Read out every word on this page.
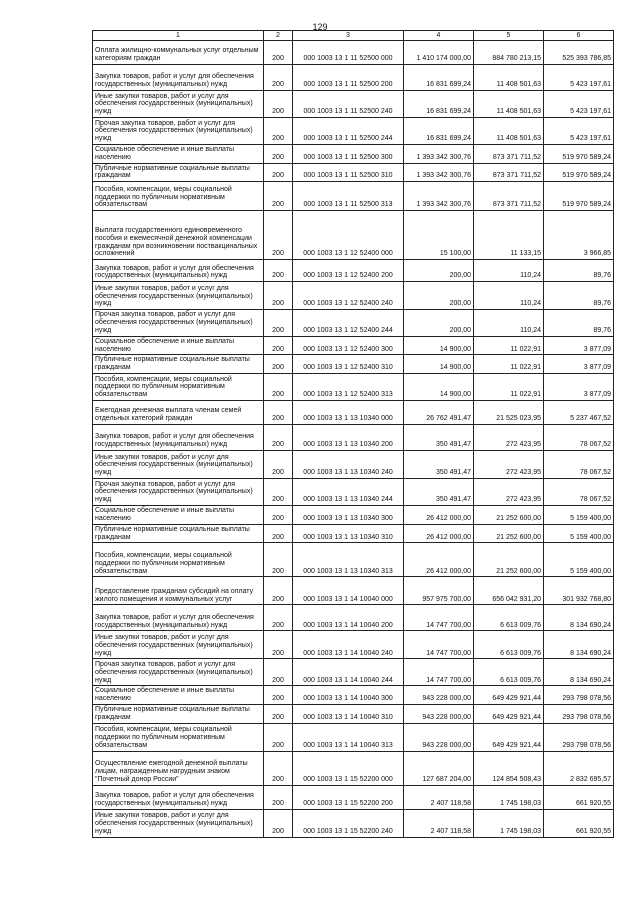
129
1	2	3	4	5	6
Оплата жилищно-коммунальных услуг отдельным категориям граждан	200	000 1003 13 1 11 52500 000	1 410 174 000,00	884 780 213,15	525 393 786,85
Закупка товаров, работ и услуг для обеспечения государственных (муниципальных) нужд	200	000 1003 13 1 11 52500 200	16 831 699,24	11 408 501,63	5 423 197,61
Иные закупки товаров, работ и услуг для обеспечения государственных (муниципальных) нужд	200	000 1003 13 1 11 52500 240	16 831 699,24	11 408 501,63	5 423 197,61
Прочая закупка товаров, работ и услуг для обеспечения государственных (муниципальных) нужд	200	000 1003 13 1 11 52500 244	16 831 699,24	11 408 501,63	5 423 197,61
Социальное обеспечение и иные выплаты населению	200	000 1003 13 1 11 52500 300	1 393 342 300,76	873 371 711,52	519 970 589,24
Публичные нормативные социальные выплаты гражданам	200	000 1003 13 1 11 52500 310	1 393 342 300,76	873 371 711,52	519 970 589,24
Пособия, компенсации, меры социальной поддержки по публичным нормативным обязательствам	200	000 1003 13 1 11 52500 313	1 393 342 300,76	873 371 711,52	519 970 589,24
Выплата государственного единовременного пособия и ежемесячной денежной компенсации гражданам при возникновении поствакцинальных осложнений	200	000 1003 13 1 12 52400 000	15 100,00	11 133,15	3 966,85
Закупка товаров, работ и услуг для обеспечения государственных (муниципальных) нужд	200	000 1003 13 1 12 52400 200	200,00	110,24	89,76
Иные закупки товаров, работ и услуг для обеспечения государственных (муниципальных) нужд	200	000 1003 13 1 12 52400 240	200,00	110,24	89,76
Прочая закупка товаров, работ и услуг для обеспечения государственных (муниципальных) нужд	200	000 1003 13 1 12 52400 244	200,00	110,24	89,76
Социальное обеспечение и иные выплаты населению	200	000 1003 13 1 12 52400 300	14 900,00	11 022,91	3 877,09
Публичные нормативные социальные выплаты гражданам	200	000 1003 13 1 12 52400 310	14 900,00	11 022,91	3 877,09
Пособия, компенсации, меры социальной поддержки по публичным нормативным обязательствам	200	000 1003 13 1 12 52400 313	14 900,00	11 022,91	3 877,09
Ежегодная денежная выплата членам семей отдельных категорий граждан	200	000 1003 13 1 13 10340 000	26 762 491,47	21 525 023,95	5 237 467,52
Закупка товаров, работ и услуг для обеспечения государственных (муниципальных) нужд	200	000 1003 13 1 13 10340 200	350 491,47	272 423,95	78 067,52
Иные закупки товаров, работ и услуг для обеспечения государственных (муниципальных) нужд	200	000 1003 13 1 13 10340 240	350 491,47	272 423,95	78 067,52
Прочая закупка товаров, работ и услуг для обеспечения государственных (муниципальных) нужд	200	000 1003 13 1 13 10340 244	350 491,47	272 423,95	78 067,52
Социальное обеспечение и иные выплаты населению	200	000 1003 13 1 13 10340 300	26 412 000,00	21 252 600,00	5 159 400,00
Публичные нормативные социальные выплаты гражданам	200	000 1003 13 1 13 10340 310	26 412 000,00	21 252 600,00	5 159 400,00
Пособия, компенсации, меры социальной поддержки по публичным нормативным обязательствам	200	000 1003 13 1 13 10340 313	26 412 000,00	21 252 600,00	5 159 400,00
Предоставление гражданам субсидий на оплату жилого помещения и коммунальных услуг	200	000 1003 13 1 14 10040 000	957 975 700,00	656 042 931,20	301 932 768,80
Закупка товаров, работ и услуг для обеспечения государственных (муниципальных) нужд	200	000 1003 13 1 14 10040 200	14 747 700,00	6 613 009,76	8 134 690,24
Иные закупки товаров, работ и услуг для обеспечения государственных (муниципальных) нужд	200	000 1003 13 1 14 10040 240	14 747 700,00	6 613 009,76	8 134 690,24
Прочая закупка товаров, работ и услуг для обеспечения государственных (муниципальных) нужд	200	000 1003 13 1 14 10040 244	14 747 700,00	6 613 009,76	8 134 690,24
Социальное обеспечение и иные выплаты населению	200	000 1003 13 1 14 10040 300	943 228 000,00	649 429 921,44	293 798 078,56
Публичные нормативные социальные выплаты гражданам	200	000 1003 13 1 14 10040 310	943 228 000,00	649 429 921,44	293 798 078,56
Пособия, компенсации, меры социальной поддержки по публичным нормативным обязательствам	200	000 1003 13 1 14 10040 313	943 228 000,00	649 429 921,44	293 798 078,56
Осуществление ежегодной денежной выплаты лицам, награжденным нагрудным знаком "Почетный донор России"	200	000 1003 13 1 15 52200 000	127 687 204,00	124 854 508,43	2 832 695,57
Закупка товаров, работ и услуг для обеспечения государственных (муниципальных) нужд	200	000 1003 13 1 15 52200 200	2 407 118,58	1 745 198,03	661 920,55
Иные закупки товаров, работ и услуг для обеспечения государственных (муниципальных) нужд	200	000 1003 13 1 15 52200 240	2 407 118,58	1 745 198,03	661 920,55
